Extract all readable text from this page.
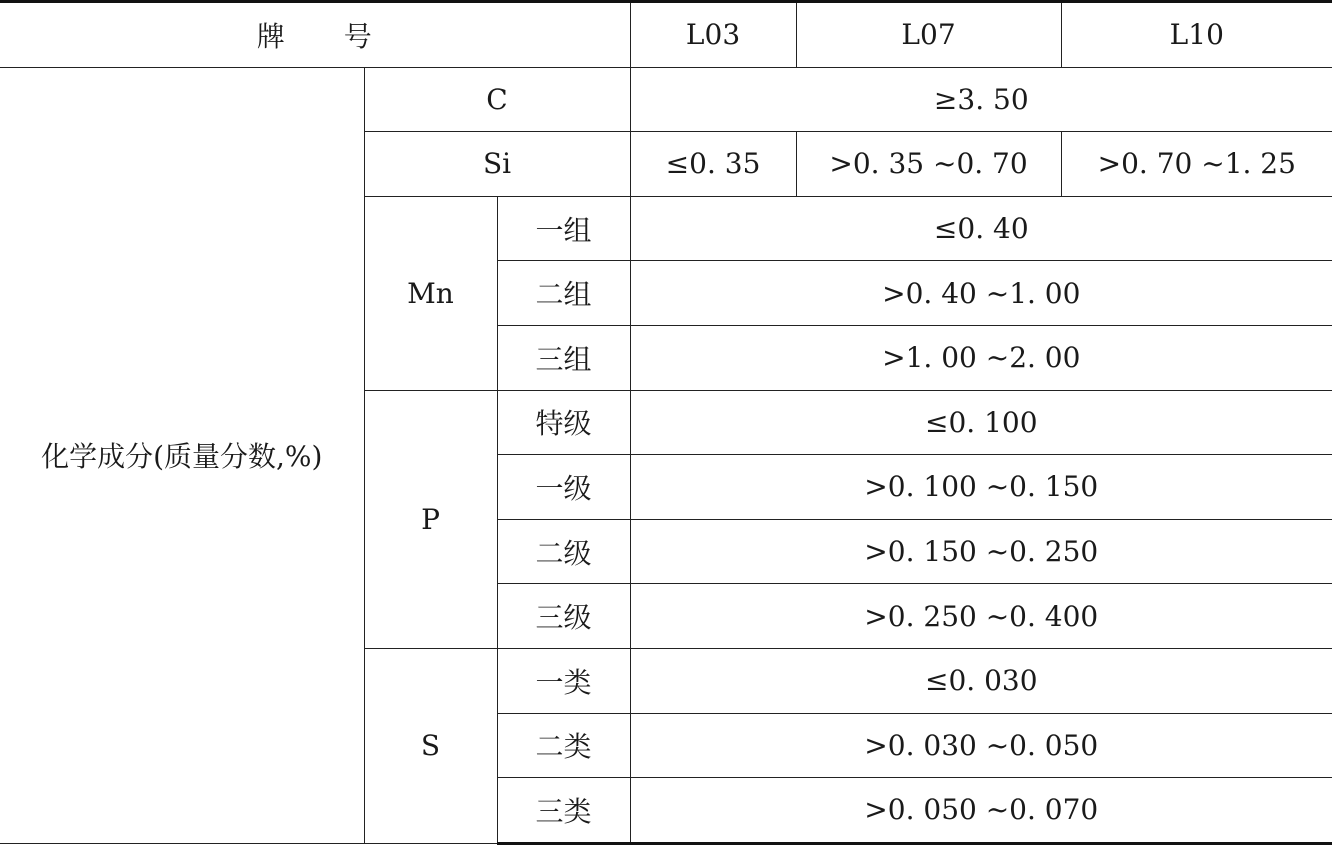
牌　　号			L03	L07	L10
化学成分(质量分数,%)	C		≥3. 50		
	Si		≤0. 35	>0. 35 ~0. 70	>0. 70 ~1. 25
	Mn	一组	≤0. 40		
		二组	>0. 40 ~1. 00		
		三组	>1. 00 ~2. 00		
	P	特级	≤0. 100		
		一级	>0. 100 ~0. 150		
		二级	>0. 150 ~0. 250		
		三级	>0. 250 ~0. 400		
	S	一类	≤0. 030		
		二类	>0. 030 ~0. 050		
		三类	>0. 050 ~0. 070		
